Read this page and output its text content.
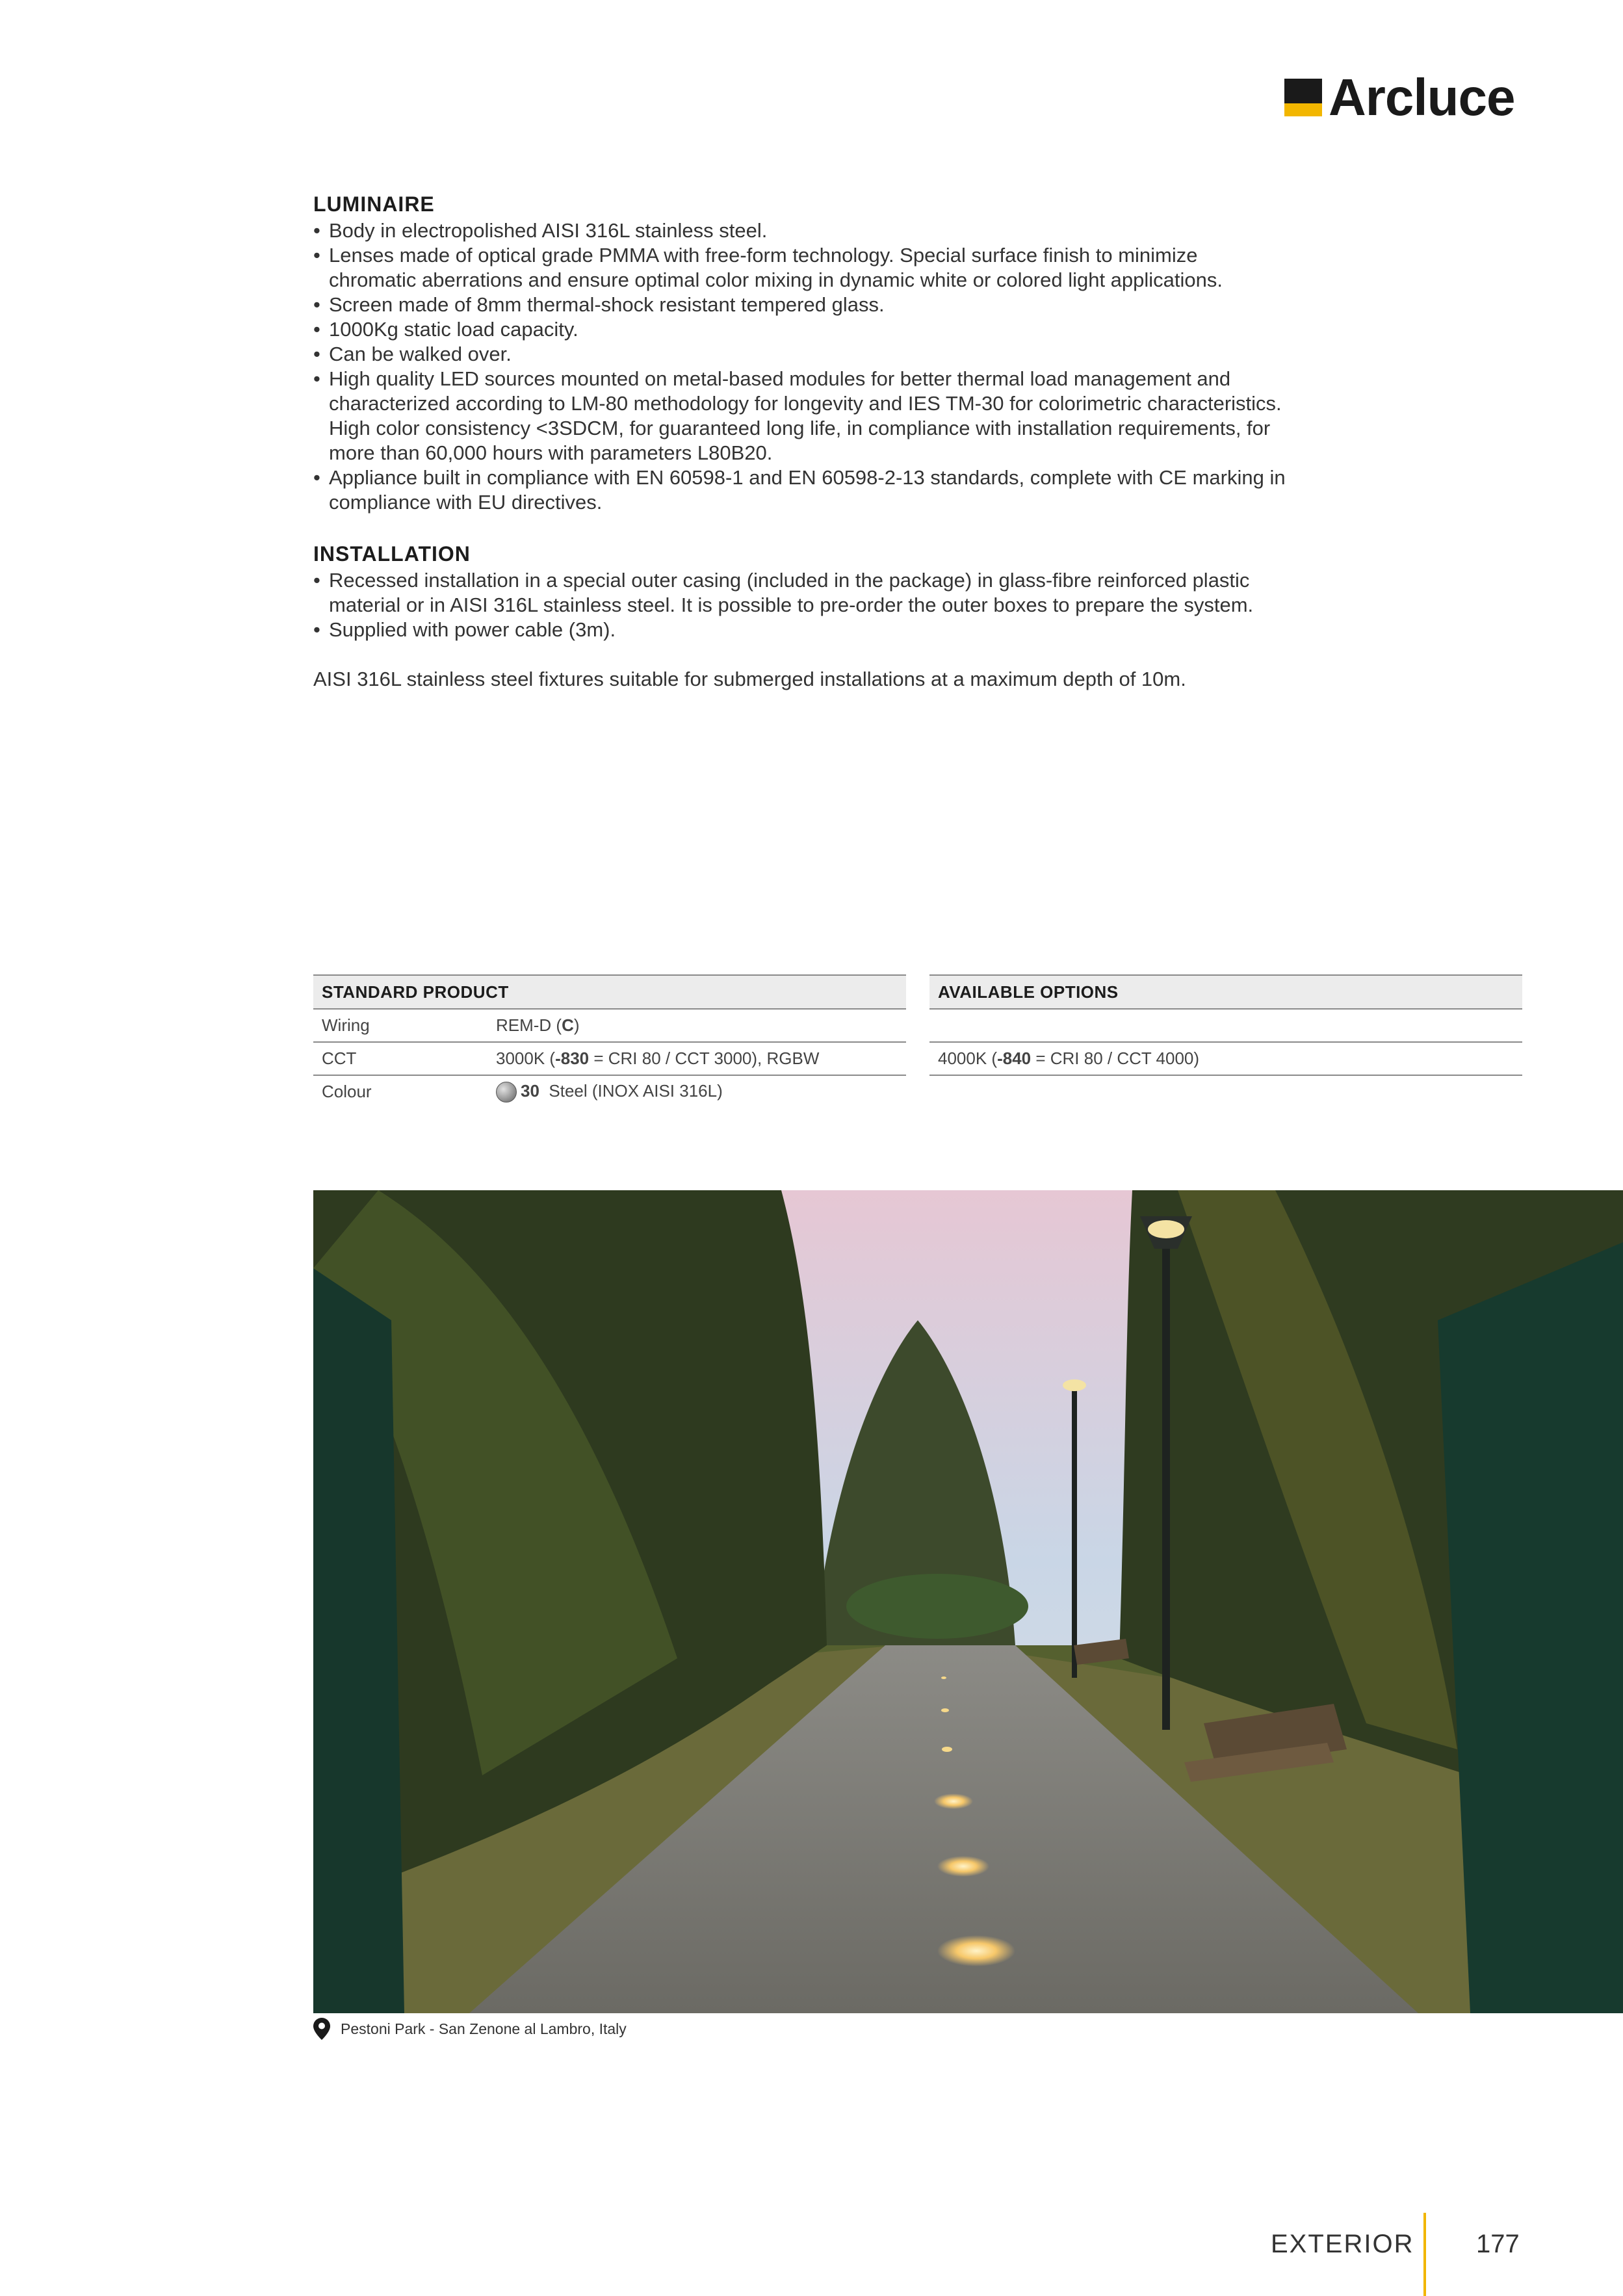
Arcluce
LUMINAIRE
• Body in electropolished AISI 316L stainless steel.
• Lenses made of optical grade PMMA with free-form technology. Special surface finish to minimize
chromatic aberrations and ensure optimal color mixing in dynamic white or colored light applications.
• Screen made of 8mm thermal-shock resistant tempered glass.
• 1000Kg static load capacity.
• Can be walked over.
• High quality LED sources mounted on metal-based modules for better thermal load management and
characterized according to LM-80 methodology for longevity and IES TM-30 for colorimetric characteristics.
High color consistency <3SDCM, for guaranteed long life, in compliance with installation requirements, for
more than 60,000 hours with parameters L80B20.
• Appliance built in compliance with EN 60598-1 and EN 60598-2-13 standards, complete with CE marking in
compliance with EU directives.
INSTALLATION
• Recessed installation in a special outer casing (included in the package) in glass-fibre reinforced plastic
material or in AISI 316L stainless steel. It is possible to pre-order the outer boxes to prepare the system.
• Supplied with power cable (3m).
AISI 316L stainless steel fixtures suitable for submerged installations at a maximum depth of 10m.
STANDARD PRODUCT	
Wiring	REM-D (C)
CCT	3000K (-830 = CRI 80 / CCT 3000), RGBW
Colour	30 Steel (INOX AISI 316L)
AVAILABLE OPTIONS

4000K (-840 = CRI 80 / CCT 4000)
Pestoni Park - San Zenone al Lambro, Italy
EXTERIOR 177
